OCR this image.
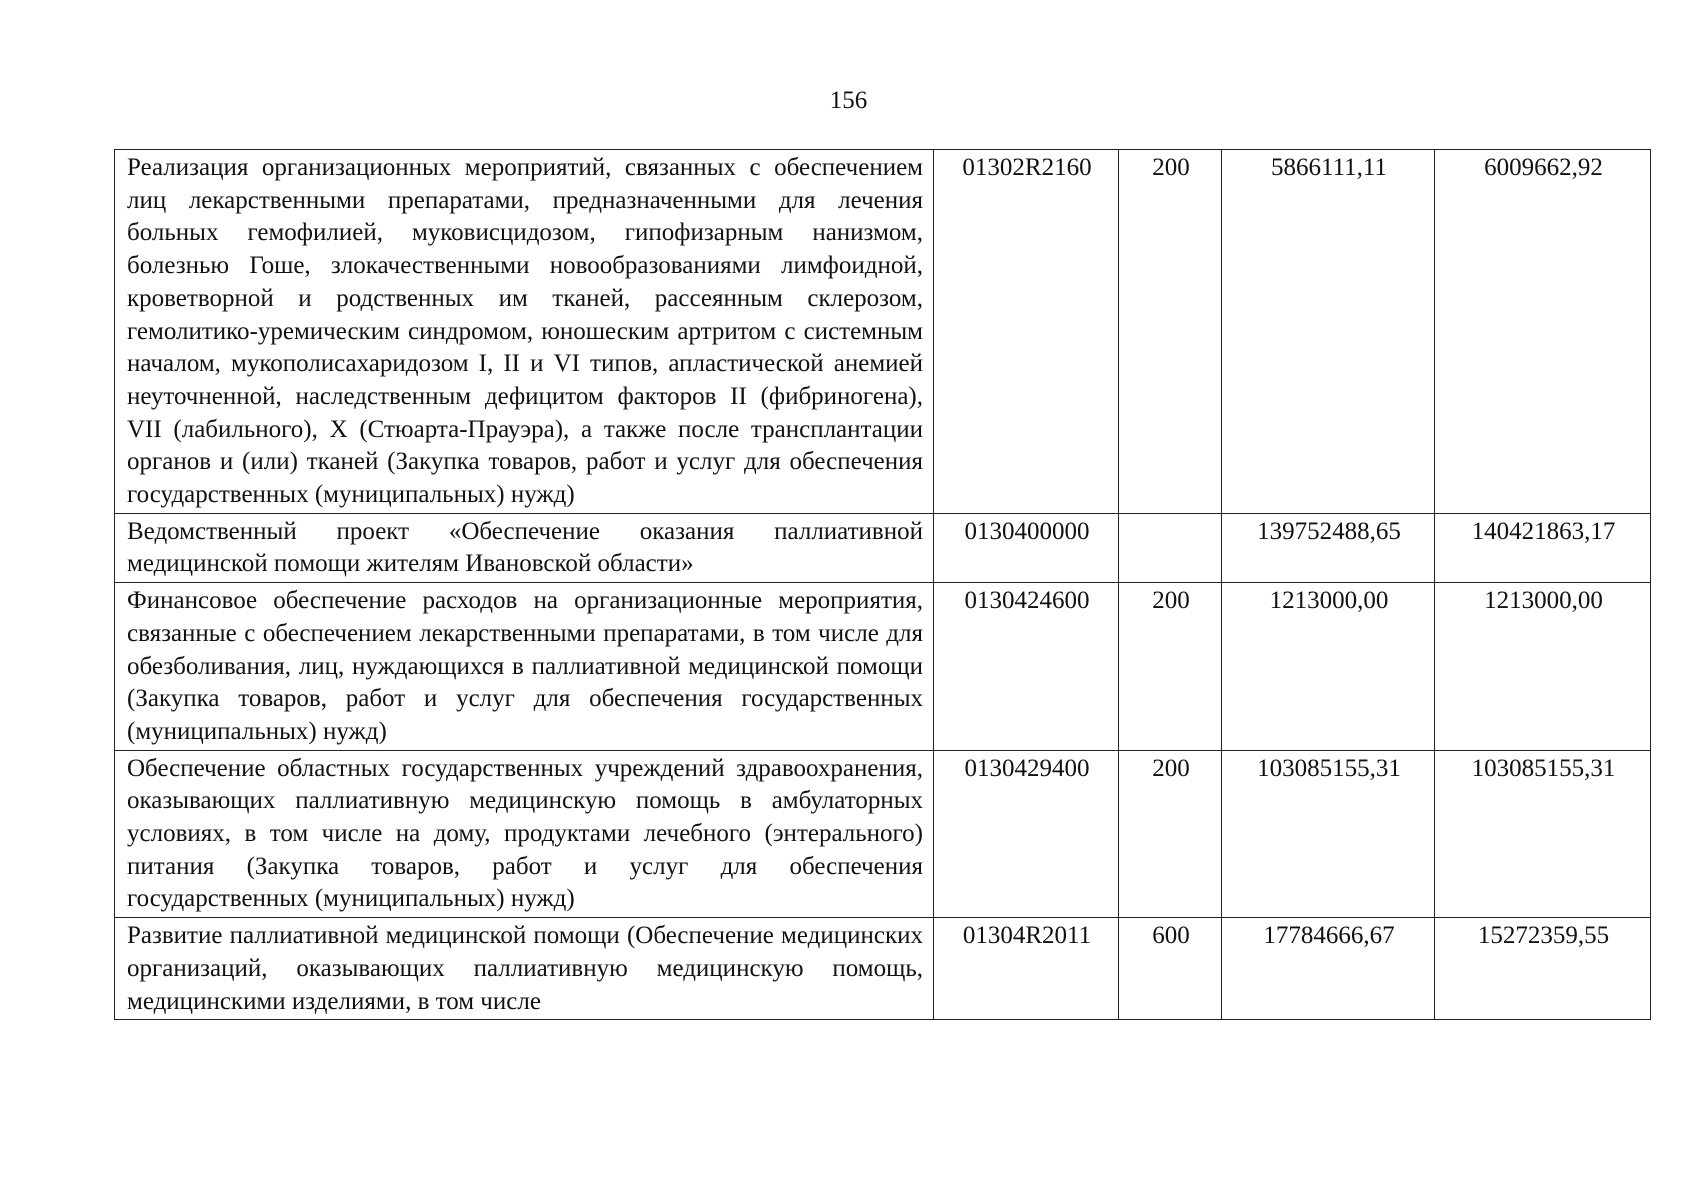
156
Реализация организационных мероприятий, связанных с обеспечением лиц лекарственными препаратами, предназначенными для лечения больных гемофилией, муковисцидозом, гипофизарным нанизмом, болезнью Гоше, злокачественными новообразованиями лимфоидной, кроветворной и родственных им тканей, рассеянным склерозом, гемолитико-уремическим синдромом, юношеским артритом с системным началом, мукополисахаридозом I, II и VI типов, апластической анемией неуточненной, наследственным дефицитом факторов II (фибриногена), VII (лабильного), X (Стюарта-Прауэра), а также после трансплантации органов и (или) тканей (Закупка товаров, работ и услуг для обеспечения государственных (муниципальных) нужд)	01302R2160	200	5866111,11	6009662,92
Ведомственный проект «Обеспечение оказания паллиативной медицинской помощи жителям Ивановской области»	0130400000		139752488,65	140421863,17
Финансовое обеспечение расходов на организационные мероприятия, связанные с обеспечением лекарственными препаратами, в том числе для обезболивания, лиц, нуждающихся в паллиативной медицинской помощи (Закупка товаров, работ и услуг для обеспечения государственных (муниципальных) нужд)	0130424600	200	1213000,00	1213000,00
Обеспечение областных государственных учреждений здравоохранения, оказывающих паллиативную медицинскую помощь в амбулаторных условиях, в том числе на дому, продуктами лечебного (энтерального) питания (Закупка товаров, работ и услуг для обеспечения государственных (муниципальных) нужд)	0130429400	200	103085155,31	103085155,31
Развитие паллиативной медицинской помощи (Обеспечение медицинских организаций, оказывающих паллиативную медицинскую помощь, медицинскими изделиями, в том числе	01304R2011	600	17784666,67	15272359,55
